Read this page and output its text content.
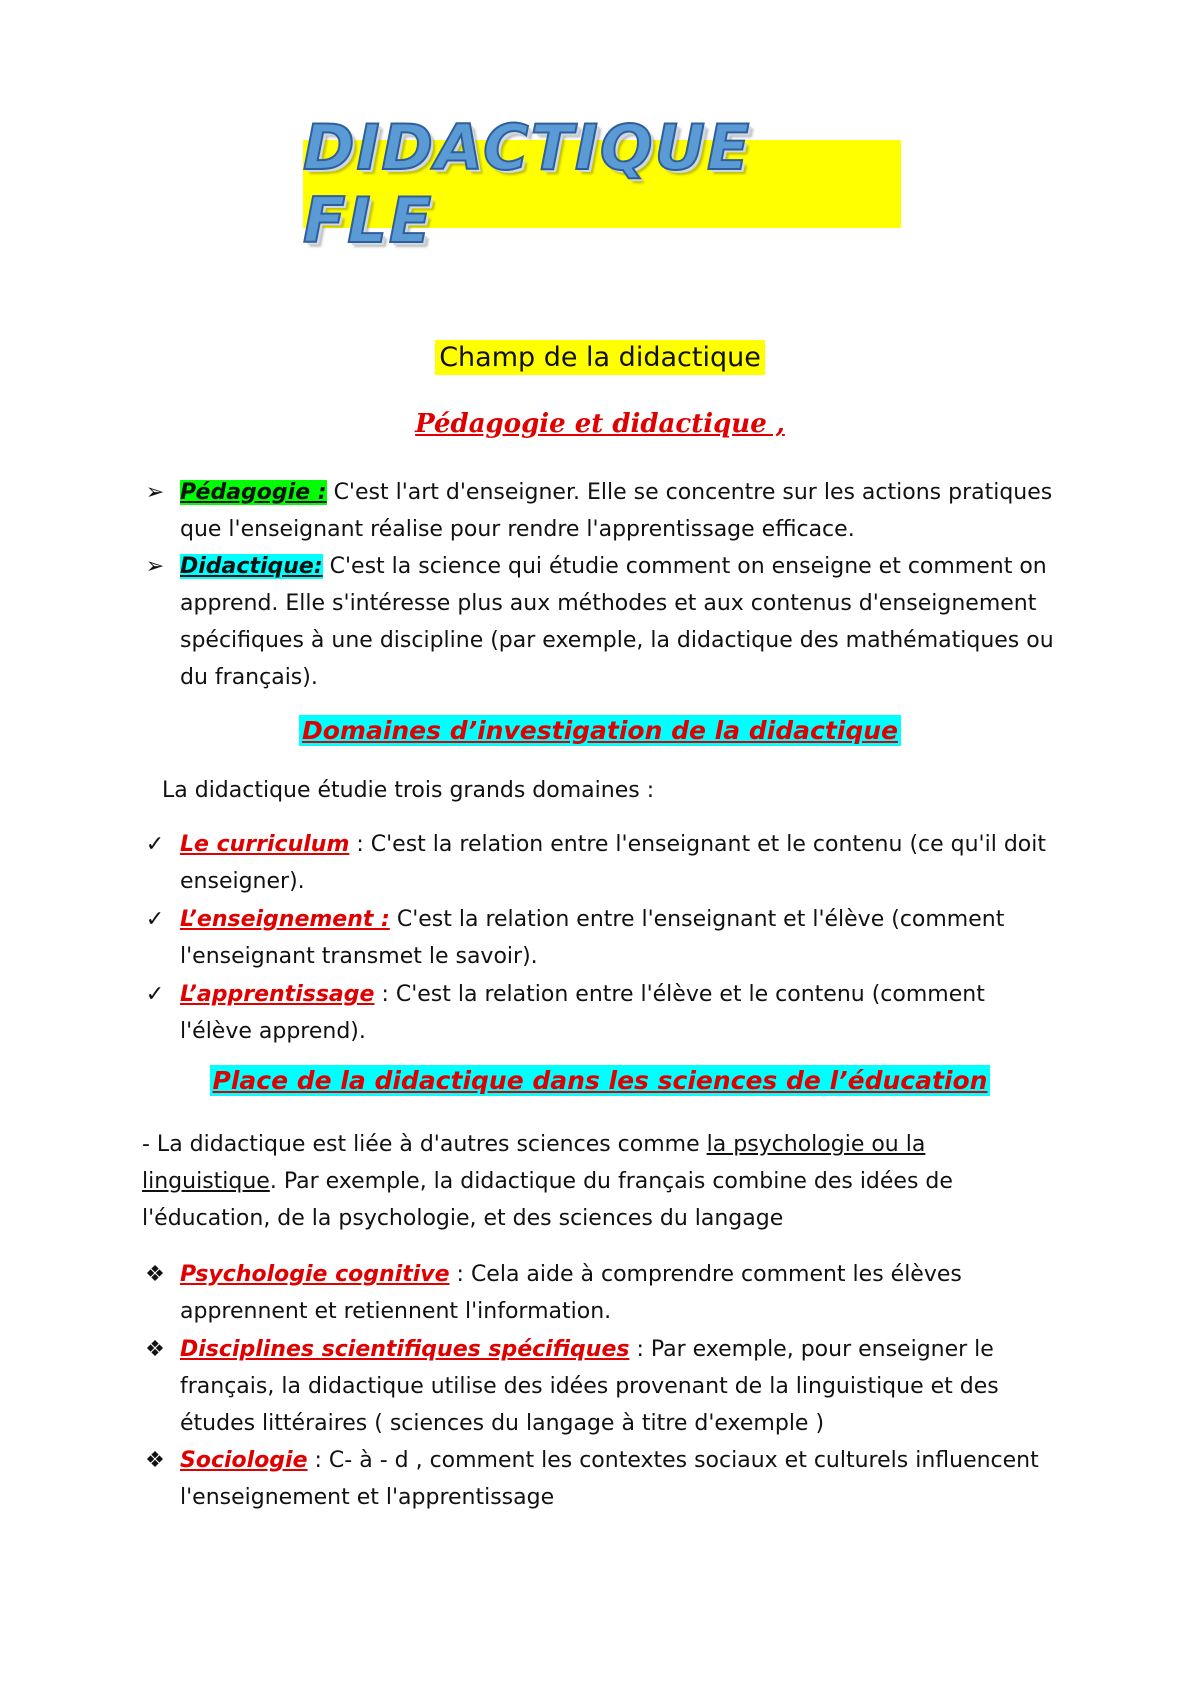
DIDACTIQUE FLE
Champ de la didactique
Pédagogie et didactique ,
➢ Pédagogie : C'est l'art d'enseigner. Elle se concentre sur les actions pratiques que l'enseignant réalise pour rendre l'apprentissage efficace.
➢ Didactique: C'est la science qui étudie comment on enseigne et comment on apprend. Elle s'intéresse plus aux méthodes et aux contenus d'enseignement spécifiques à une discipline (par exemple, la didactique des mathématiques ou du français).
Domaines d’investigation de la didactique
La didactique étudie trois grands domaines :
✓ Le curriculum : C'est la relation entre l'enseignant et le contenu (ce qu'il doit enseigner).
✓ L’enseignement : C'est la relation entre l'enseignant et l'élève (comment l'enseignant transmet le savoir).
✓ L’apprentissage : C'est la relation entre l'élève et le contenu (comment l'élève apprend).
Place de la didactique dans les sciences de l’éducation
- La didactique est liée à d'autres sciences comme la psychologie ou la linguistique. Par exemple, la didactique du français combine des idées de l'éducation, de la psychologie, et des sciences du langage
❖ Psychologie cognitive : Cela aide à comprendre comment les élèves apprennent et retiennent l'information.
❖ Disciplines scientifiques spécifiques : Par exemple, pour enseigner le français, la didactique utilise des idées provenant de la linguistique et des études littéraires ( sciences du langage à titre d'exemple )
❖ Sociologie : C- à - d , comment les contextes sociaux et culturels influencent l'enseignement et l'apprentissage
